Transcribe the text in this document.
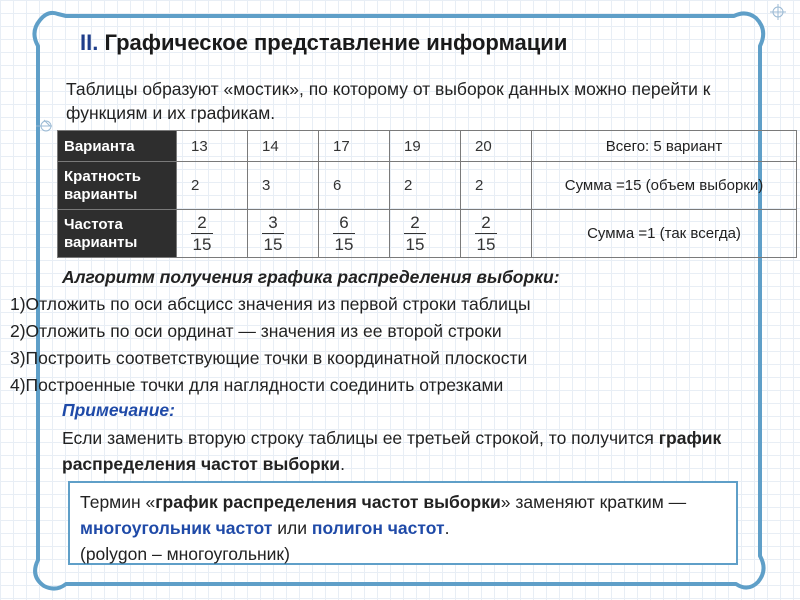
II. Графическое представление информации
Таблицы образуют «мостик», по которому от выборок данных можно перейти к функциям и их графикам.
Варианта	13	14	17	19	20	Всего: 5 вариант
Кратность варианты	2	3	6	2	2	Сумма =15 (объем выборки)
Частота варианты	$\frac{2}{15}$	$\frac{3}{15}$	$\frac{6}{15}$	$\frac{2}{15}$	$\frac{2}{15}$	Сумма =1 (так всегда)
Алгоритм получения графика распределения выборки:
1)Отложить по оси абсцисс значения из первой строки таблицы
2)Отложить по оси ординат — значения из ее второй строки
3)Построить соответствующие точки в координатной плоскости
4)Построенные точки для наглядности соединить отрезками
Примечание:
Если заменить вторую строку таблицы ее третьей строкой, то получится график распределения частот выборки.
Термин «график распределения частот выборки» заменяют кратким — многоугольник частот или полигон частот.
(polygon – многоугольник)
